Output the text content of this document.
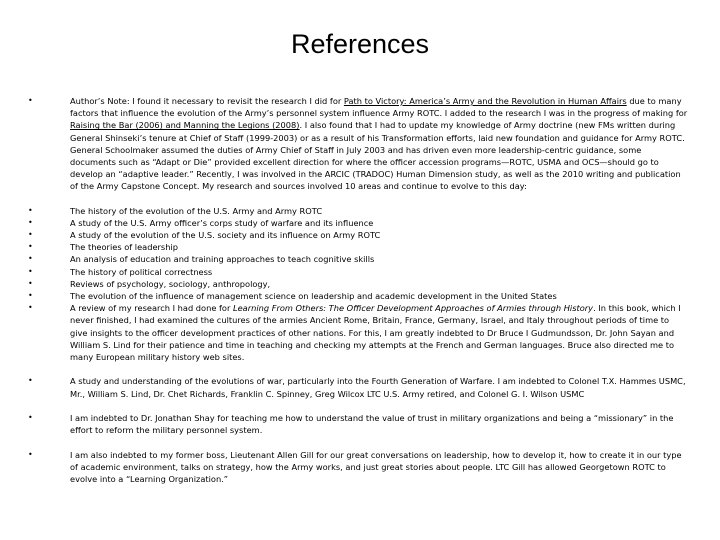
References
•	Author’s Note: I found it necessary to revisit the research I did for Path to Victory: America’s Army and the Revolution in Human Affairs due to many factors that influence the evolution of the Army’s personnel system influence Army ROTC. I added to the research I was in the progress of making for Raising the Bar (2006) and Manning the Legions (2008). I also found that I had to update my knowledge of Army doctrine (new FMs written during General Shinseki’s tenure at Chief of Staff (1999-2003) or as a result of his Transformation efforts, laid new foundation and guidance for Army ROTC. General Schoolmaker assumed the duties of Army Chief of Staff in July 2003 and has driven even more leadership-centric guidance, some documents such as “Adapt or Die” provided excellent direction for where the officer accession programs—ROTC, USMA and OCS—should go to develop an “adaptive leader.” Recently, I was involved in the ARCIC (TRADOC) Human Dimension study, as well as the 2010 writing and publication of the Army Capstone Concept. My research and sources involved 10 areas and continue to evolve to this day:
•	The history of the evolution of the U.S. Army and Army ROTC
•	A study of the U.S. Army officer’s corps study of warfare and its influence
•	A study of the evolution of the U.S. society and its influence on Army ROTC
•	The theories of leadership
•	An analysis of education and training approaches to teach cognitive skills
•	The history of political correctness
•	Reviews of psychology, sociology, anthropology,
•	The evolution of the influence of management science on leadership and academic development in the United States
•	A review of my research I had done for Learning From Others: The Officer Development Approaches of Armies through History. In this book, which I never finished, I had examined the cultures of the armies Ancient Rome, Britain, France, Germany, Israel, and Italy throughout periods of time to give insights to the officer development practices of other nations. For this, I am greatly indebted to Dr Bruce I Gudmundsson, Dr. John Sayan and William S. Lind for their patience and time in teaching and checking my attempts at the French and German languages. Bruce also directed me to many European military history web sites.
•	A study and understanding of the evolutions of war, particularly into the Fourth Generation of Warfare. I am indebted to Colonel T.X. Hammes USMC, Mr., William S. Lind, Dr. Chet Richards, Franklin C. Spinney, Greg Wilcox LTC U.S. Army retired, and Colonel G. I. Wilson USMC
•	I am indebted to Dr. Jonathan Shay for teaching me how to understand the value of trust in military organizations and being a “missionary” in the effort to reform the military personnel system.
•	I am also indebted to my former boss, Lieutenant Allen Gill for our great conversations on leadership, how to develop it, how to create it in our type of academic environment, talks on strategy, how the Army works, and just great stories about people. LTC Gill has allowed Georgetown ROTC to evolve into a “Learning Organization.”
